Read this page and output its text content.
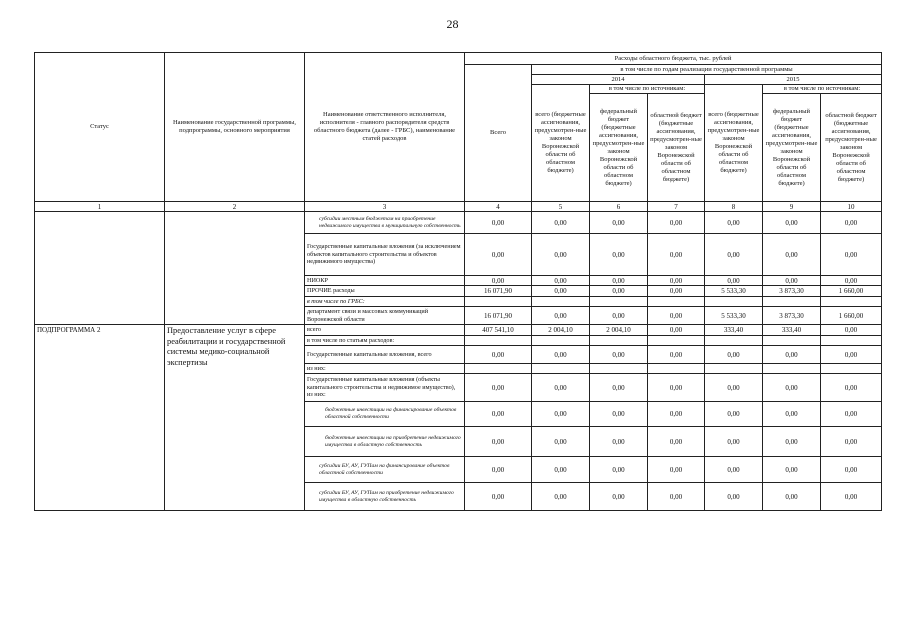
28
Статус	Наименование государственной программы, подпрограммы, основного мероприятия	Наименование ответственного исполнителя, исполнителя - главного распорядителя средств областного бюджета (далее - ГРБС), наименование статей расходов	Расходы областного бюджета, тыс. рублей						
			Всего	в том числе по годам реализации государственной программы					
				2014			2015		
				всего (бюджетные ассигнования, предусмотрен-ные законом Воронежской области об областном бюджете)	в том числе по источникам:		всего (бюджетные ассигнования, предусмотрен-ные законом Воронежской области об областном бюджете)	в том числе по источникам:	
					федеральный бюджет (бюджетные ассигнования, предусмотрен-ные законом Воронежской области об областном бюджете)	областной бюджет (бюджетные ассигнования, предусмотрен-ные законом Воронежской области об областном бюджете)		федеральный бюджет (бюджетные ассигнования, предусмотрен-ные законом Воронежской области об областном бюджете)	областной бюджет (бюджетные ассигнования, предусмотрен-ные законом Воронежской области об областном бюджете)
1	2	3	4	5	6	7	8	9	10
		субсидии местным бюджетам на приобретение недвижимого имущества в муниципальную собственность	0,00	0,00	0,00	0,00	0,00	0,00	0,00
		Государственные капитальные вложения (за исключением объектов капитального строительства и объектов недвижимого имущества)	0,00	0,00	0,00	0,00	0,00	0,00	0,00
		НИОКР	0,00	0,00	0,00	0,00	0,00	0,00	0,00
		ПРОЧИЕ расходы	16 071,90	0,00	0,00	0,00	5 533,30	3 873,30	1 660,00
		в том числе по ГРБС:							
		департамент связи и массовых коммуникаций Воронежской области	16 071,90	0,00	0,00	0,00	5 533,30	3 873,30	1 660,00
ПОДПРОГРАММА 2	Предоставление услуг в сфере реабилитации и государственной системы медико-социальной экспертизы	всего	407 541,10	2 004,10	2 004,10	0,00	333,40	333,40	0,00
		в том числе по статьям расходов:							
		Государственные капитальные вложения, всего	0,00	0,00	0,00	0,00	0,00	0,00	0,00
		из них:							
		Государственные капитальные вложения (объекты капитального строительства и недвижимое имущество), из них:	0,00	0,00	0,00	0,00	0,00	0,00	0,00
		бюджетные инвестиции на финансирование объектов областной собственности	0,00	0,00	0,00	0,00	0,00	0,00	0,00
		бюджетные инвестиции на приобретение недвижимого имущества в областную собственность	0,00	0,00	0,00	0,00	0,00	0,00	0,00
		субсидии БУ, АУ, ГУПам на финансирование объектов областной собственности	0,00	0,00	0,00	0,00	0,00	0,00	0,00
		субсидии БУ, АУ, ГУПам на приобретение недвижимого имущества в областную собственность	0,00	0,00	0,00	0,00	0,00	0,00	0,00
